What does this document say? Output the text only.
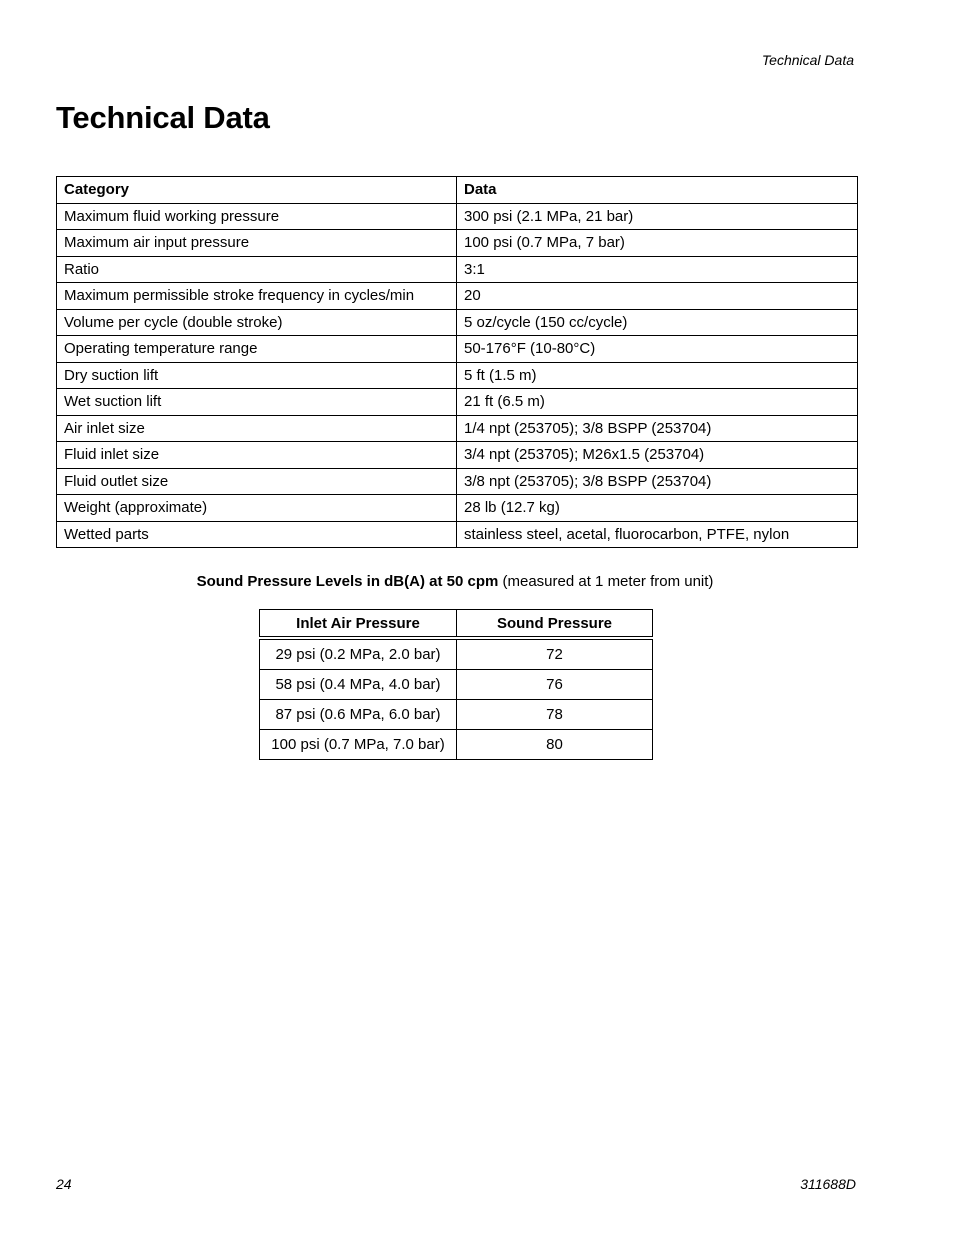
Technical Data
Technical Data
Category	Data
Maximum fluid working pressure	300 psi (2.1 MPa, 21 bar)
Maximum air input pressure	100 psi (0.7 MPa, 7 bar)
Ratio	3:1
Maximum permissible stroke frequency in cycles/min	20
Volume per cycle (double stroke)	5 oz/cycle (150 cc/cycle)
Operating temperature range	50-176°F (10-80°C)
Dry suction lift	5 ft (1.5 m)
Wet suction lift	21 ft (6.5 m)
Air inlet size	1/4 npt (253705); 3/8 BSPP (253704)
Fluid inlet size	3/4 npt (253705); M26x1.5 (253704)
Fluid outlet size	3/8 npt (253705); 3/8 BSPP (253704)
Weight (approximate)	28 lb (12.7 kg)
Wetted parts	stainless steel, acetal, fluorocarbon, PTFE, nylon

Sound Pressure Levels in dB(A) at 50 cpm (measured at 1 meter from unit)

Inlet Air Pressure	Sound Pressure
29 psi (0.2 MPa, 2.0 bar)	72
58 psi (0.4 MPa, 4.0 bar)	76
87 psi (0.6 MPa, 6.0 bar)	78
100 psi (0.7 MPa, 7.0 bar)	80
24	311688D
